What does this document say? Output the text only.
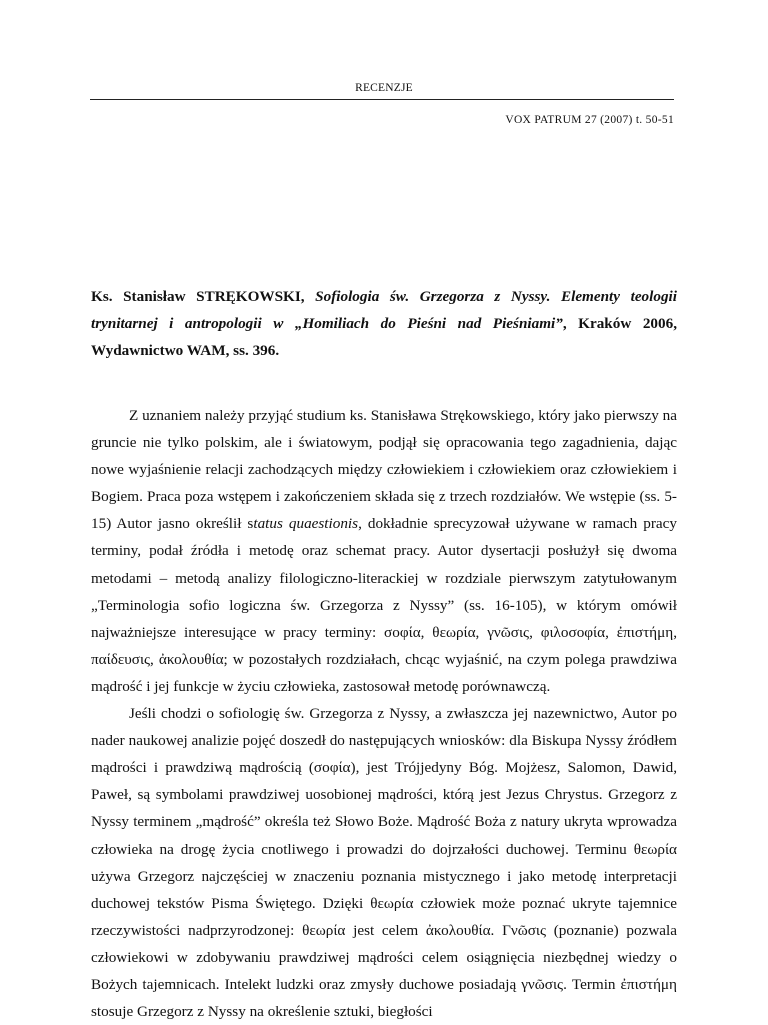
RECENZJE
VOX PATRUM 27 (2007) t. 50-51

Ks. Stanisław STRĘKOWSKI, Sofiologia św. Grzegorza z Nyssy. Elementy teologii trynitarnej i antropologii w „Homiliach do Pieśni nad Pieśniami”, Kraków 2006, Wydawnictwo WAM, ss. 396.

Z uznaniem należy przyjąć studium ks. Stanisława Strękowskiego, który jako pierwszy na gruncie nie tylko polskim, ale i światowym, podjął się opracowania tego zagadnienia, dając nowe wyjaśnienie relacji zachodzących między człowiekiem i człowiekiem oraz człowiekiem i Bogiem. Praca poza wstępem i zakończeniem składa się z trzech rozdziałów. We wstępie (ss. 5-15) Autor jasno określił status quaestionis, dokładnie sprecyzował używane w ramach pracy terminy, podał źródła i metodę oraz schemat pracy. Autor dysertacji posłużył się dwoma metodami – metodą analizy filologiczno-literackiej w rozdziale pierwszym zatytułowanym „Terminologia sofio logiczna św. Grzegorza z Nyssy” (ss. 16-105), w którym omówił najważniejsze interesujące w pracy terminy: σοφία, θεωρία, γνῶσις, φιλοσοφία, ἐπιστήμη, παίδευσις, ἀκολουθία; w pozostałych rozdziałach, chcąc wyjaśnić, na czym polega prawdziwa mądrość i jej funkcje w życiu człowieka, zastosował metodę porównawczą.

Jeśli chodzi o sofiologię św. Grzegorza z Nyssy, a zwłaszcza jej nazewnictwo, Autor po nader naukowej analizie pojęć doszedł do następujących wniosków: dla Biskupa Nyssy źródłem mądrości i prawdziwą mądrością (σοφία), jest Trójjedyny Bóg. Mojżesz, Salomon, Dawid, Paweł, są symbolami prawdziwej uosobionej mądrości, którą jest Jezus Chrystus. Grzegorz z Nyssy terminem „mądrość” określa też Słowo Boże. Mądrość Boża z natury ukryta wprowadza człowieka na drogę życia cnotliwego i prowadzi do dojrzałości duchowej. Terminu θεωρία używa Grzegorz najczęściej w znaczeniu poznania mistycznego i jako metodę interpretacji duchowej tekstów Pisma Świętego. Dzięki θεωρία człowiek może poznać ukryte tajemnice rzeczywistości nadprzyrodzonej: θεωρία jest celem ἀκολουθία. Γνῶσις (poznanie) pozwala człowiekowi w zdobywaniu prawdziwej mądrości celem osiągnięcia niezbędnej wiedzy o Bożych tajemnicach. Intelekt ludzki oraz zmysły duchowe posiadają γνῶσις. Termin ἐπιστήμη stosuje Grzegorz z Nyssy na określenie sztuki, biegłości
